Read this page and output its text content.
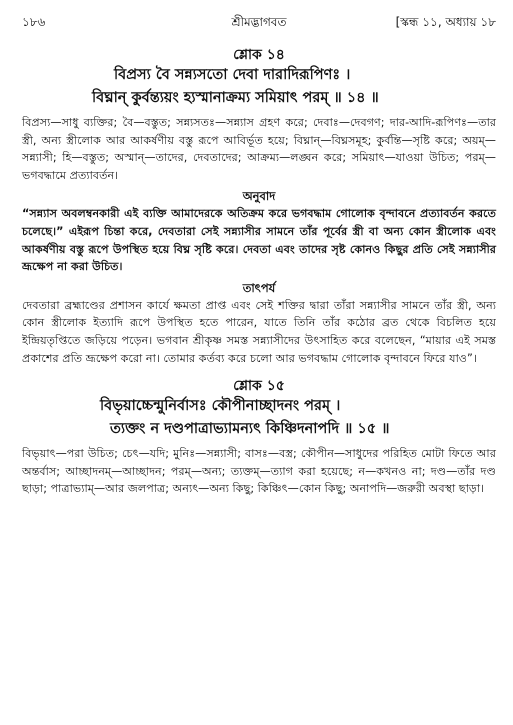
১৮৬	শ্রীমদ্ভাগবত	[স্কন্ধ ১১, অধ্যায় ১৮
শ্লোক ১৪
বিপ্রস্য বৈ সন্ন্যসতো দেবা দারাদিরূপিণঃ ।
বিঘ্নান্ কুর্বন্ত্যয়ং হ্যস্মানাক্রম্য সমিয়াৎ পরম্ ॥ ১৪ ॥

বিপ্রস্য—সাধু ব্যক্তির; বৈ—বস্তুত; সন্ন্যসতঃ—সন্ন্যাস গ্রহণ করে; দেবাঃ—দেবগণ; দার-আদি-রূপিণঃ—তার স্ত্রী, অন্য স্ত্রীলোক আর আকর্ষণীয় বস্তু রূপে আবির্ভূত হয়ে; বিঘ্নান্—বিঘ্নসমূহ; কুর্বন্তি—সৃষ্টি করে; অয়ম্—সন্ন্যাসী; হি—বস্তুত; অস্মান্—তাদের, দেবতাদের; আক্রম্য—লঙ্ঘন করে; সমিয়াৎ—যাওয়া উচিত; পরম্—ভগবদ্ধামে প্রত্যাবর্তন।

অনুবাদ

“সন্ন্যাস অবলম্বনকারী এই ব্যক্তি আমাদেরকে অতিক্রম করে ভগবদ্ধাম গোলোক বৃন্দাবনে প্রত্যাবর্তন করতে চলেছে।” এইরূপ চিন্তা করে, দেবতারা সেই সন্ন্যাসীর সামনে তাঁর পূর্বের স্ত্রী বা অন্য কোন স্ত্রীলোক এবং আকর্ষণীয় বস্তু রূপে উপস্থিত হয়ে বিঘ্ন সৃষ্টি করে। দেবতা এবং তাদের সৃষ্ট কোনও কিছুর প্রতি সেই সন্ন্যাসীর ভ্রূক্ষেপ না করা উচিত।

তাৎপর্য

দেবতারা ব্রহ্মাণ্ডের প্রশাসন কার্যে ক্ষমতা প্রাপ্ত এবং সেই শক্তির দ্বারা তাঁরা সন্ন্যাসীর সামনে তাঁর স্ত্রী, অন্য কোন স্ত্রীলোক ইত্যাদি রূপে উপস্থিত হতে পারেন, যাতে তিনি তাঁর কঠোর ব্রত থেকে বিচলিত হয়ে ইন্দ্রিয়তৃপ্তিতে জড়িয়ে পড়েন। ভগবান শ্রীকৃষ্ণ সমস্ত সন্ন্যাসীদের উৎসাহিত করে বলেছেন, “মায়ার এই সমস্ত প্রকাশের প্রতি ভ্রূক্ষেপ করো না। তোমার কর্তব্য করে চলো আর ভগবদ্ধাম গোলোক বৃন্দাবনে ফিরে যাও”।

শ্লোক ১৫
বিভৃয়াচ্চেন্মুনির্বাসঃ কৌপীনাচ্ছাদনং পরম্ ।
ত্যক্তং ন দণ্ডপাত্রাভ্যামন্যৎ কিঞ্চিদনাপদি ॥ ১৫ ॥

বিভৃয়াৎ—পরা উচিত; চেৎ—যদি; মুনিঃ—সন্ন্যাসী; বাসঃ—বস্ত্র; কৌপীন—সাধুদের পরিহিত মোটা ফিতে আর অন্তর্বাস; আচ্ছাদনম্—আচ্ছাদন; পরম্—অন্য; ত্যক্তম্—ত্যাগ করা হয়েছে; ন—কখনও না; দণ্ড—তাঁর দণ্ড ছাড়া; পাত্রাভ্যাম্—আর জলপাত্র; অন্যৎ—অন্য কিছু; কিঞ্চিৎ—কোন কিছু; অনাপদি—জরুরী অবস্থা ছাড়া।
